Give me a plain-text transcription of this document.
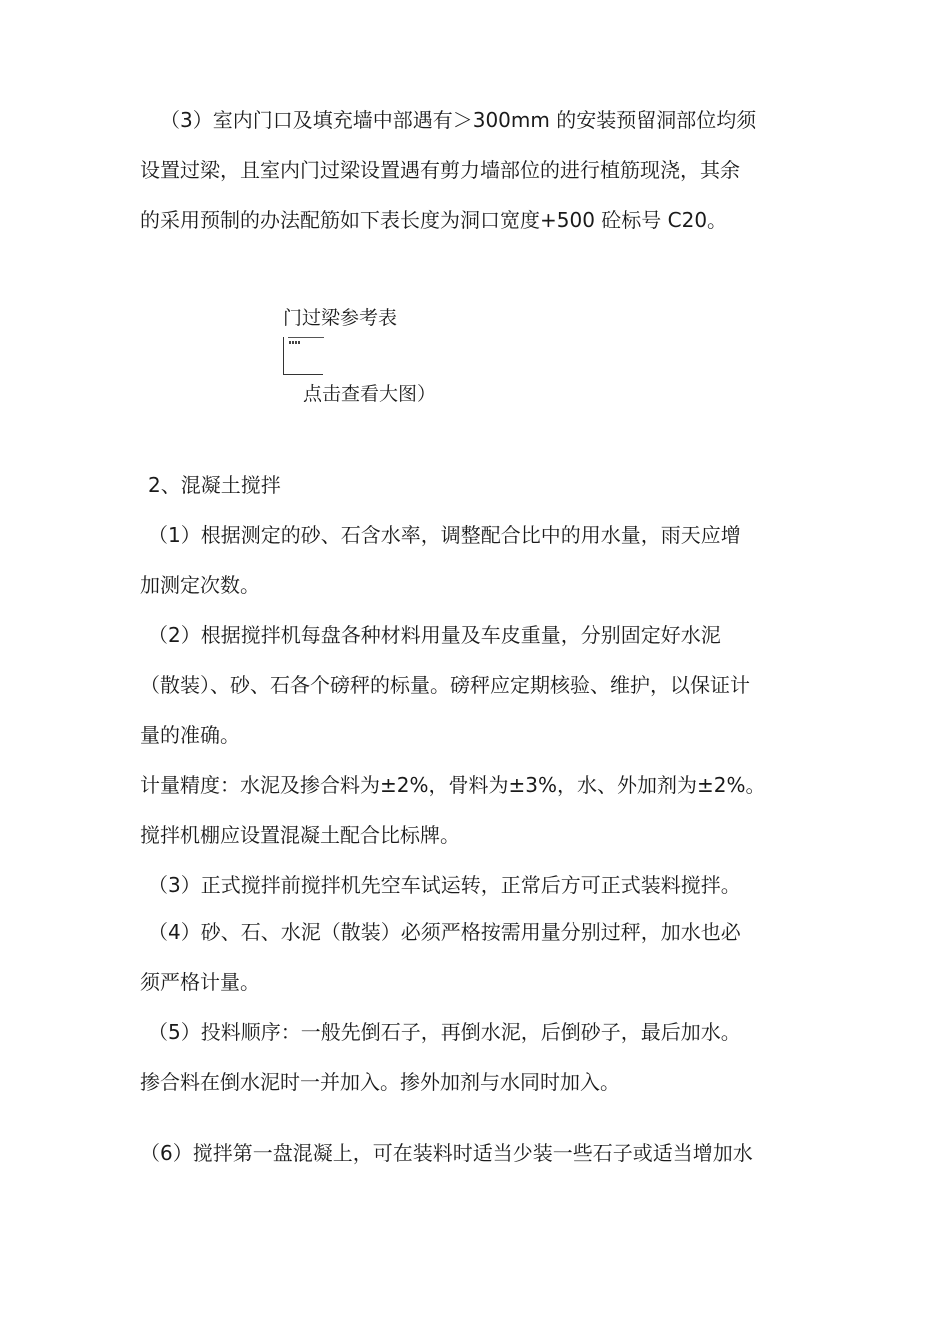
（3）室内门口及填充墙中部遇有＞300mm 的安装预留洞部位均须

设置过梁，且室内门过梁设置遇有剪力墙部位的进行植筋现浇，其余

的采用预制的办法配筋如下表长度为洞口宽度+500 砼标号 C20。

门过梁参考表

点击查看大图）

2、混凝土搅拌

（1）根据测定的砂、石含水率，调整配合比中的用水量，雨天应增

加测定次数。

（2）根据搅拌机每盘各种材料用量及车皮重量，分别固定好水泥

（散装）、砂、石各个磅秤的标量。磅秤应定期核验、维护，以保证计

量的准确。

计量精度：水泥及掺合料为±2%，骨料为±3%，水、外加剂为±2%。

搅拌机棚应设置混凝土配合比标牌。

（3）正式搅拌前搅拌机先空车试运转，正常后方可正式装料搅拌。

（4）砂、石、水泥（散装）必须严格按需用量分别过秤，加水也必

须严格计量。

（5）投料顺序：一般先倒石子，再倒水泥，后倒砂子，最后加水。

掺合料在倒水泥时一并加入。掺外加剂与水同时加入。

（6）搅拌第一盘混凝上，可在装料时适当少装一些石子或适当增加水
